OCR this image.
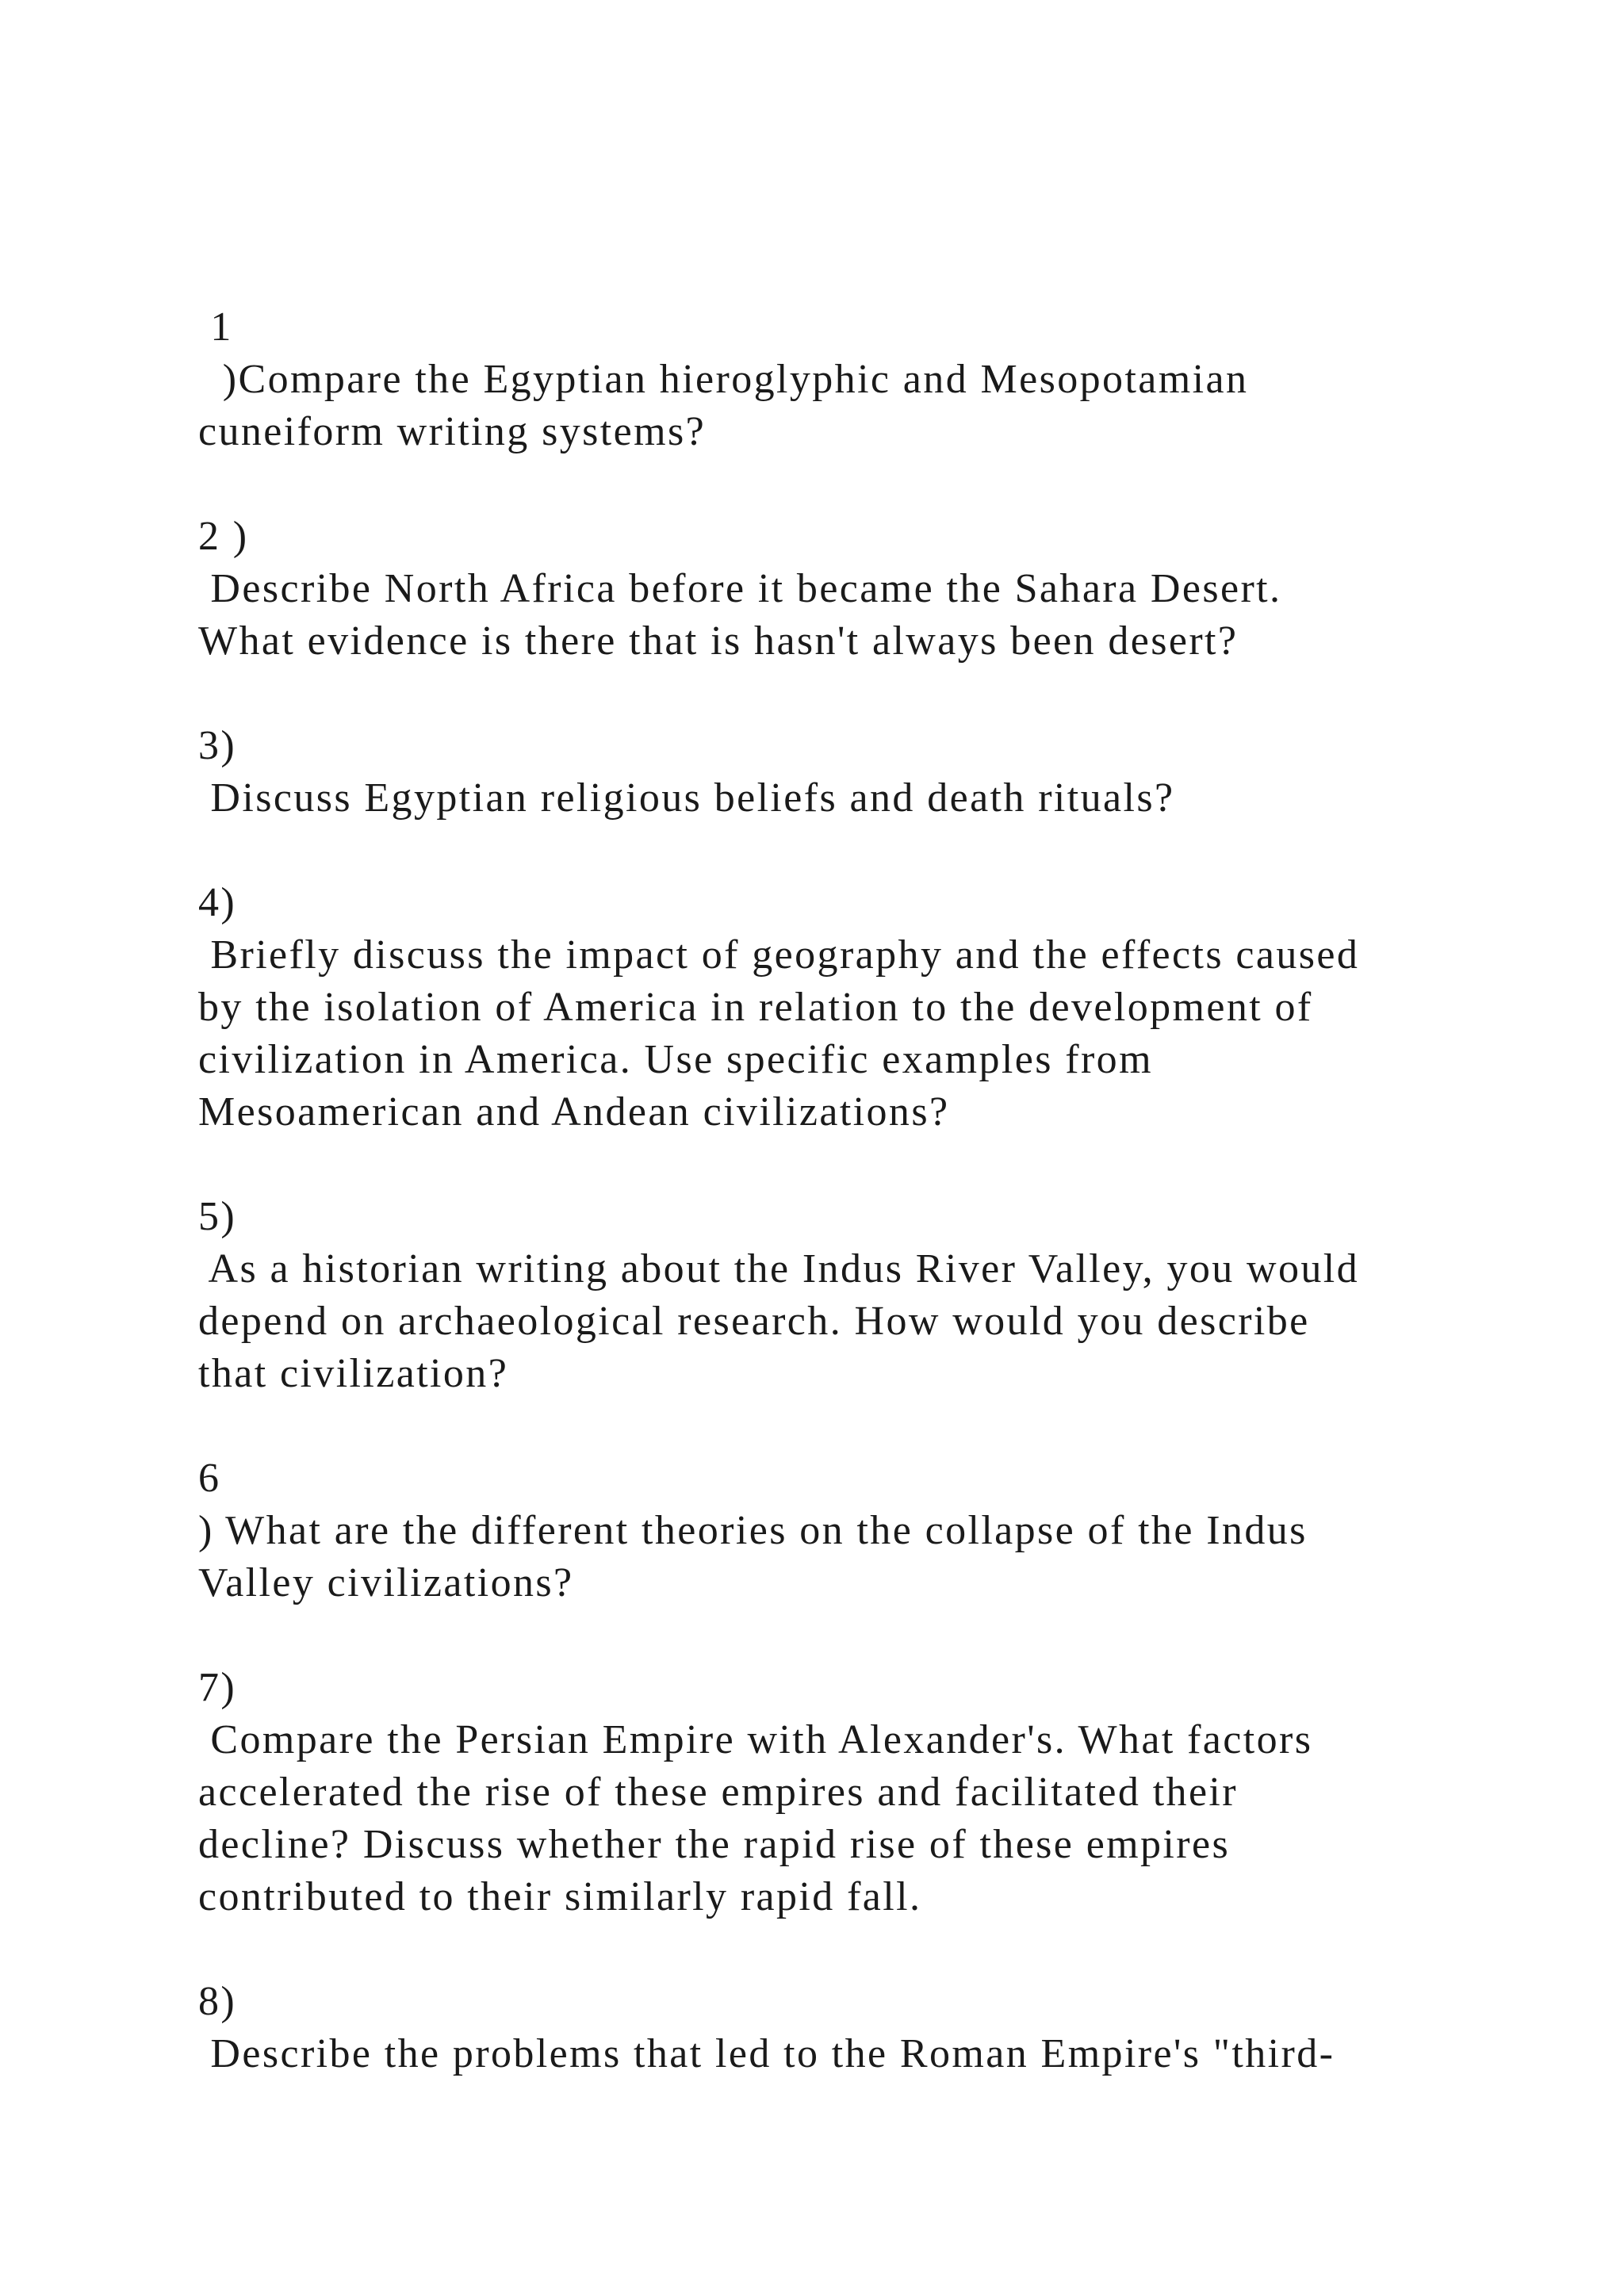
1
)Compare the Egyptian hieroglyphic and Mesopotamian
cuneiform writing systems?
2 )
Describe North Africa before it became the Sahara Desert.
What evidence is there that is hasn't always been desert?
3)
Discuss Egyptian religious beliefs and death rituals?
4)
Briefly discuss the impact of geography and the effects caused
by the isolation of America in relation to the development of
civilization in America. Use specific examples from
Mesoamerican and Andean civilizations?
5)
As a historian writing about the Indus River Valley, you would
depend on archaeological research. How would you describe
that civilization?
6
) What are the different theories on the collapse of the Indus
Valley civilizations?
7)
Compare the Persian Empire with Alexander's. What factors
accelerated the rise of these empires and facilitated their
decline? Discuss whether the rapid rise of these empires
contributed to their similarly rapid fall.
8)
Describe the problems that led to the Roman Empire's "third-
